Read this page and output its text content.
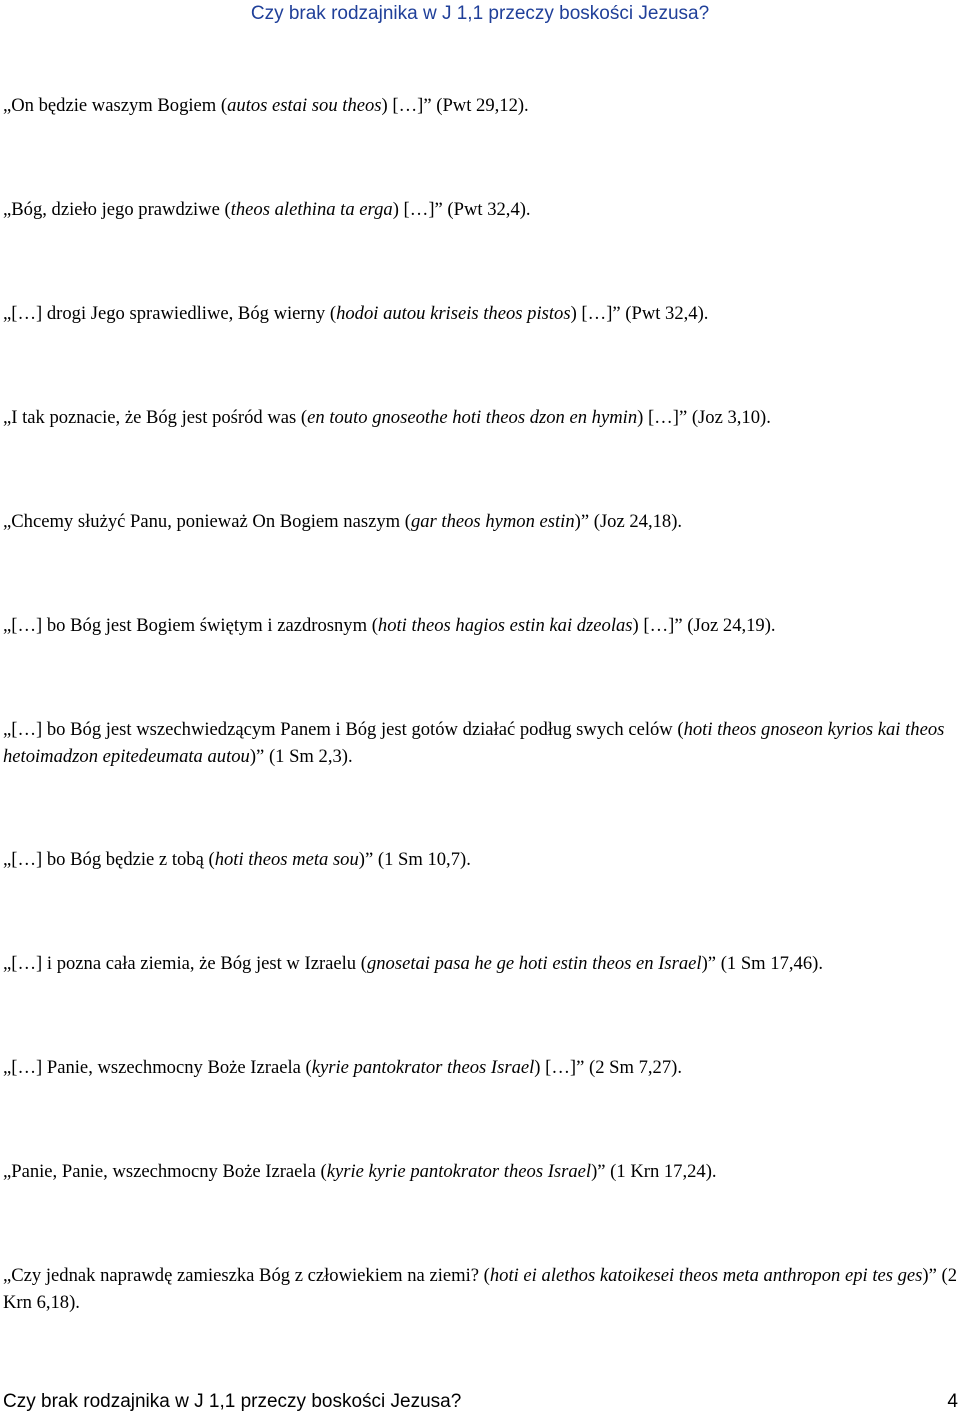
Czy brak rodzajnika w J 1,1 przeczy boskości Jezusa?

„On będzie waszym Bogiem (autos estai sou theos) […]” (Pwt 29,12).

„Bóg, dzieło jego prawdziwe (theos alethina ta erga) […]” (Pwt 32,4).

„[…] drogi Jego sprawiedliwe, Bóg wierny (hodoi autou kriseis theos pistos) […]” (Pwt 32,4).

„I tak poznacie, że Bóg jest pośród was (en touto gnoseothe hoti theos dzon en hymin) […]” (Joz 3,10).

„Chcemy służyć Panu, ponieważ On Bogiem naszym (gar theos hymon estin)” (Joz 24,18).

„[…] bo Bóg jest Bogiem świętym i zazdrosnym (hoti theos hagios estin kai dzeolas) […]” (Joz 24,19).

„[…] bo Bóg jest wszechwiedzącym Panem i Bóg jest gotów działać podług swych celów (hoti theos gnoseon kyrios kai theos hetoimadzon epitedeumata autou)” (1 Sm 2,3).

„[…] bo Bóg będzie z tobą (hoti theos meta sou)” (1 Sm 10,7).

„[…] i pozna cała ziemia, że Bóg jest w Izraelu (gnosetai pasa he ge hoti estin theos en Israel)” (1 Sm 17,46).

„[…] Panie, wszechmocny Boże Izraela (kyrie pantokrator theos Israel) […]” (2 Sm 7,27).

„Panie, Panie, wszechmocny Boże Izraela (kyrie kyrie pantokrator theos Israel)” (1 Krn 17,24).

„Czy jednak naprawdę zamieszka Bóg z człowiekiem na ziemi? (hoti ei alethos katoikesei theos meta anthropon epi tes ges)” (2 Krn 6,18).

Czy brak rodzajnika w J 1,1 przeczy boskości Jezusa?	4
